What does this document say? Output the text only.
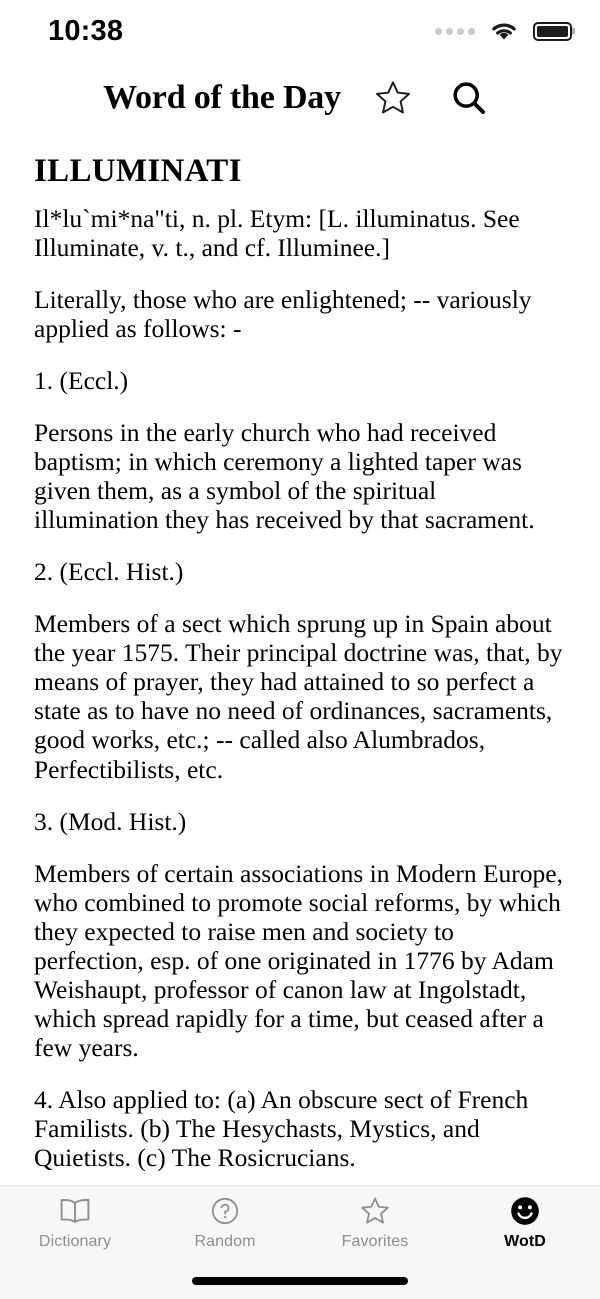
10:38
Word of the Day
ILLUMINATI

Il*lu`mi*na"ti, n. pl. Etym: [L. illuminatus. See Illuminate, v. t., and cf. Illuminee.]

Literally, those who are enlightened; -- variously applied as follows: -

1. (Eccl.)

Persons in the early church who had received baptism; in which ceremony a lighted taper was given them, as a symbol of the spiritual illumination they has received by that sacrament.

2. (Eccl. Hist.)

Members of a sect which sprung up in Spain about the year 1575. Their principal doctrine was, that, by means of prayer, they had attained to so perfect a state as to have no need of ordinances, sacraments, good works, etc.; -- called also Alumbrados, Perfectibilists, etc.

3. (Mod. Hist.)

Members of certain associations in Modern Europe, who combined to promote social reforms, by which they expected to raise men and society to perfection, esp. of one originated in 1776 by Adam Weishaupt, professor of canon law at Ingolstadt, which spread rapidly for a time, but ceased after a few years.

4. Also applied to: (a) An obscure sect of French Familists. (b) The Hesychasts, Mystics, and Quietists. (c) The Rosicrucians.

Dictionary	Random	Favorites	WotD
